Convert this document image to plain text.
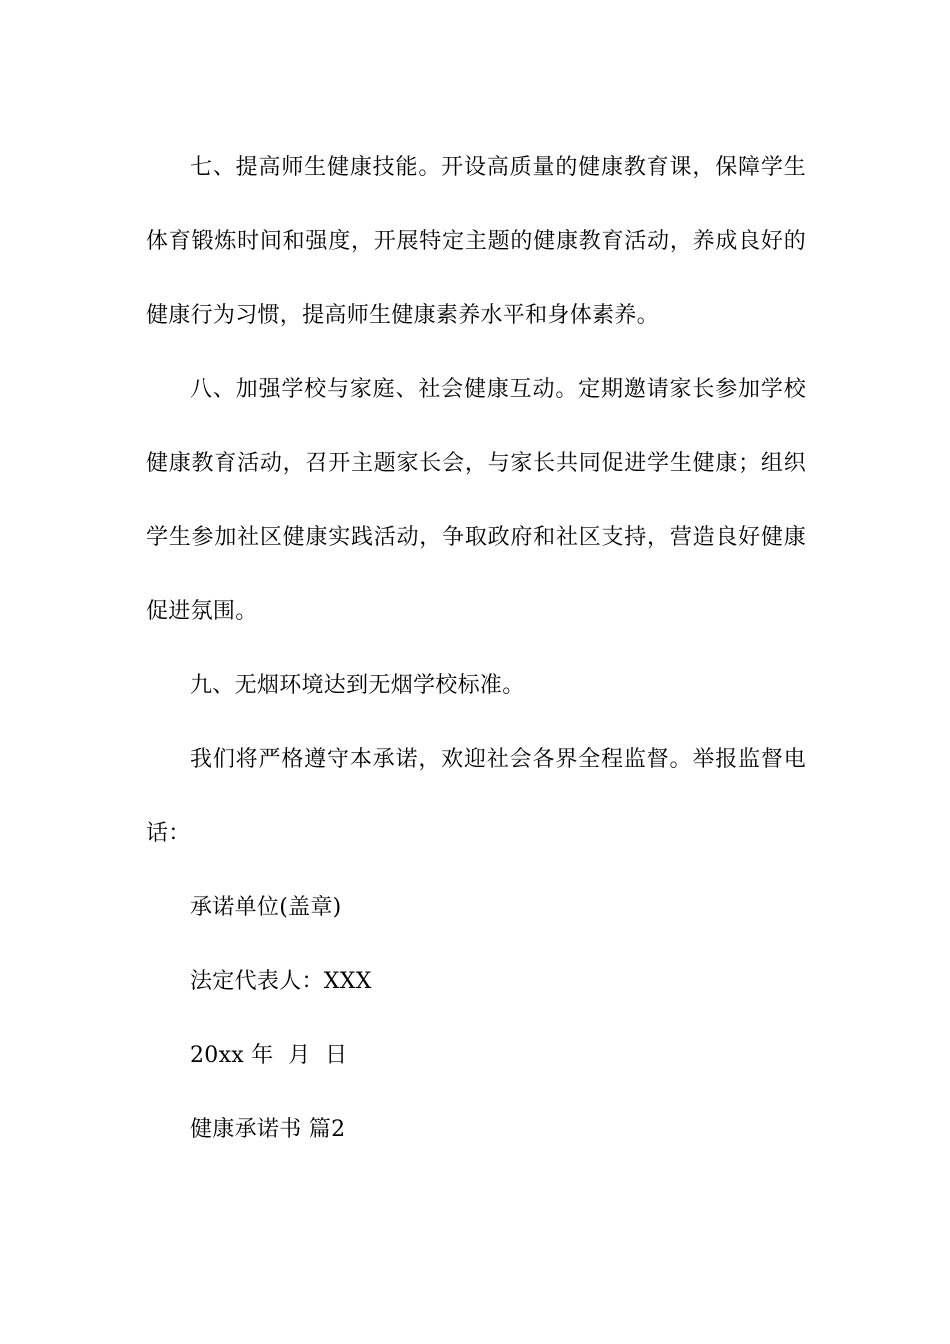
七、提高师生健康技能。开设高质量的健康教育课，保障学生体育锻炼时间和强度，开展特定主题的健康教育活动，养成良好的健康行为习惯，提高师生健康素养水平和身体素养。

八、加强学校与家庭、社会健康互动。定期邀请家长参加学校健康教育活动，召开主题家长会，与家长共同促进学生健康；组织学生参加社区健康实践活动，争取政府和社区支持，营造良好健康促进氛围。

九、无烟环境达到无烟学校标准。

我们将严格遵守本承诺，欢迎社会各界全程监督。举报监督电话：

承诺单位(盖章)

法定代表人：XXX

20xx 年  月  日

健康承诺书 篇2
